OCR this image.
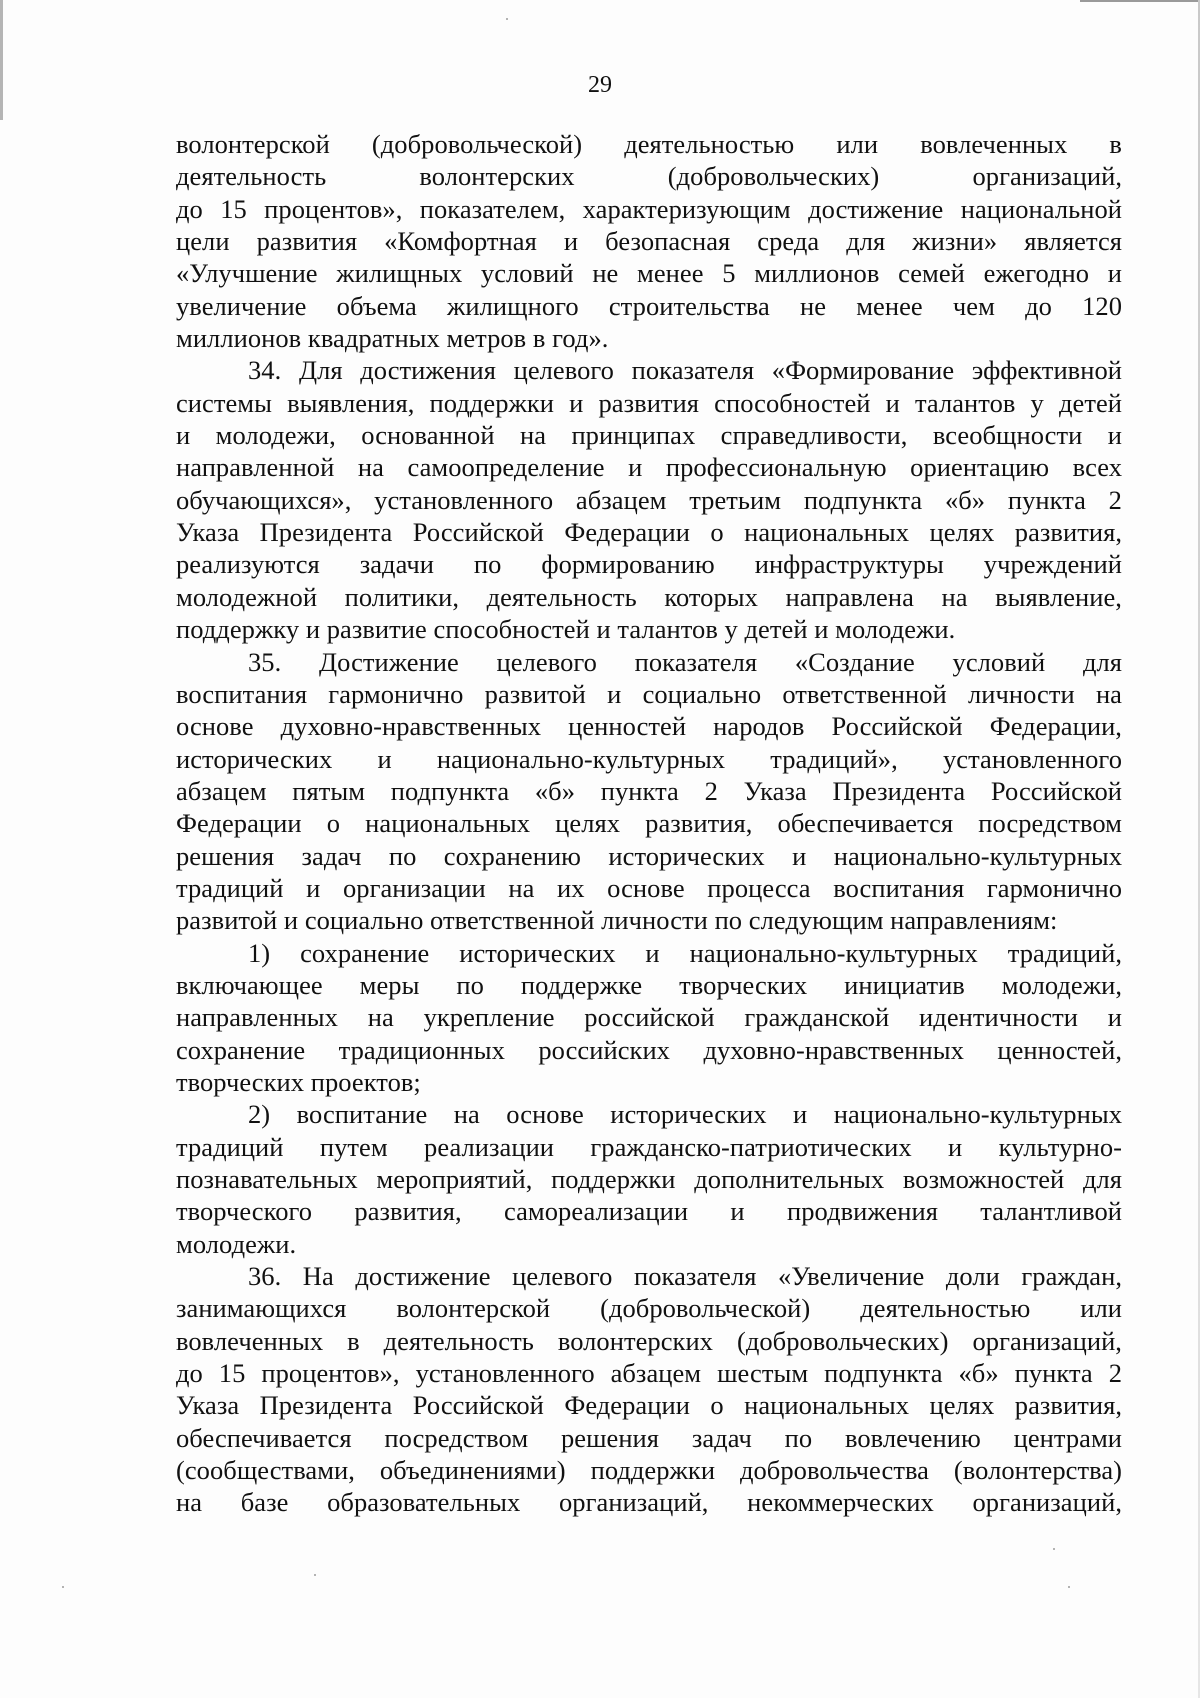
29
волонтерской (добровольческой) деятельностью или вовлеченных в
деятельность волонтерских (добровольческих) организаций,
до 15 процентов», показателем, характеризующим достижение национальной
цели развития «Комфортная и безопасная среда для жизни» является
«Улучшение жилищных условий не менее 5 миллионов семей ежегодно и
увеличение объема жилищного строительства не менее чем до 120
миллионов квадратных метров в год».
34. Для достижения целевого показателя «Формирование эффективной
системы выявления, поддержки и развития способностей и талантов у детей
и молодежи, основанной на принципах справедливости, всеобщности и
направленной на самоопределение и профессиональную ориентацию всех
обучающихся», установленного абзацем третьим подпункта «б» пункта 2
Указа Президента Российской Федерации о национальных целях развития,
реализуются задачи по формированию инфраструктуры учреждений
молодежной политики, деятельность которых направлена на выявление,
поддержку и развитие способностей и талантов у детей и молодежи.
35. Достижение целевого показателя «Создание условий для
воспитания гармонично развитой и социально ответственной личности на
основе духовно-нравственных ценностей народов Российской Федерации,
исторических и национально-культурных традиций», установленного
абзацем пятым подпункта «б» пункта 2 Указа Президента Российской
Федерации о национальных целях развития, обеспечивается посредством
решения задач по сохранению исторических и национально-культурных
традиций и организации на их основе процесса воспитания гармонично
развитой и социально ответственной личности по следующим направлениям:
1) сохранение исторических и национально-культурных традиций,
включающее меры по поддержке творческих инициатив молодежи,
направленных на укрепление российской гражданской идентичности и
сохранение традиционных российских духовно-нравственных ценностей,
творческих проектов;
2) воспитание на основе исторических и национально-культурных
традиций путем реализации гражданско-патриотических и культурно-
познавательных мероприятий, поддержки дополнительных возможностей для
творческого развития, самореализации и продвижения талантливой
молодежи.
36. На достижение целевого показателя «Увеличение доли граждан,
занимающихся волонтерской (добровольческой) деятельностью или
вовлеченных в деятельность волонтерских (добровольческих) организаций,
до 15 процентов», установленного абзацем шестым подпункта «б» пункта 2
Указа Президента Российской Федерации о национальных целях развития,
обеспечивается посредством решения задач по вовлечению центрами
(сообществами, объединениями) поддержки добровольчества (волонтерства)
на базе образовательных организаций, некоммерческих организаций,
